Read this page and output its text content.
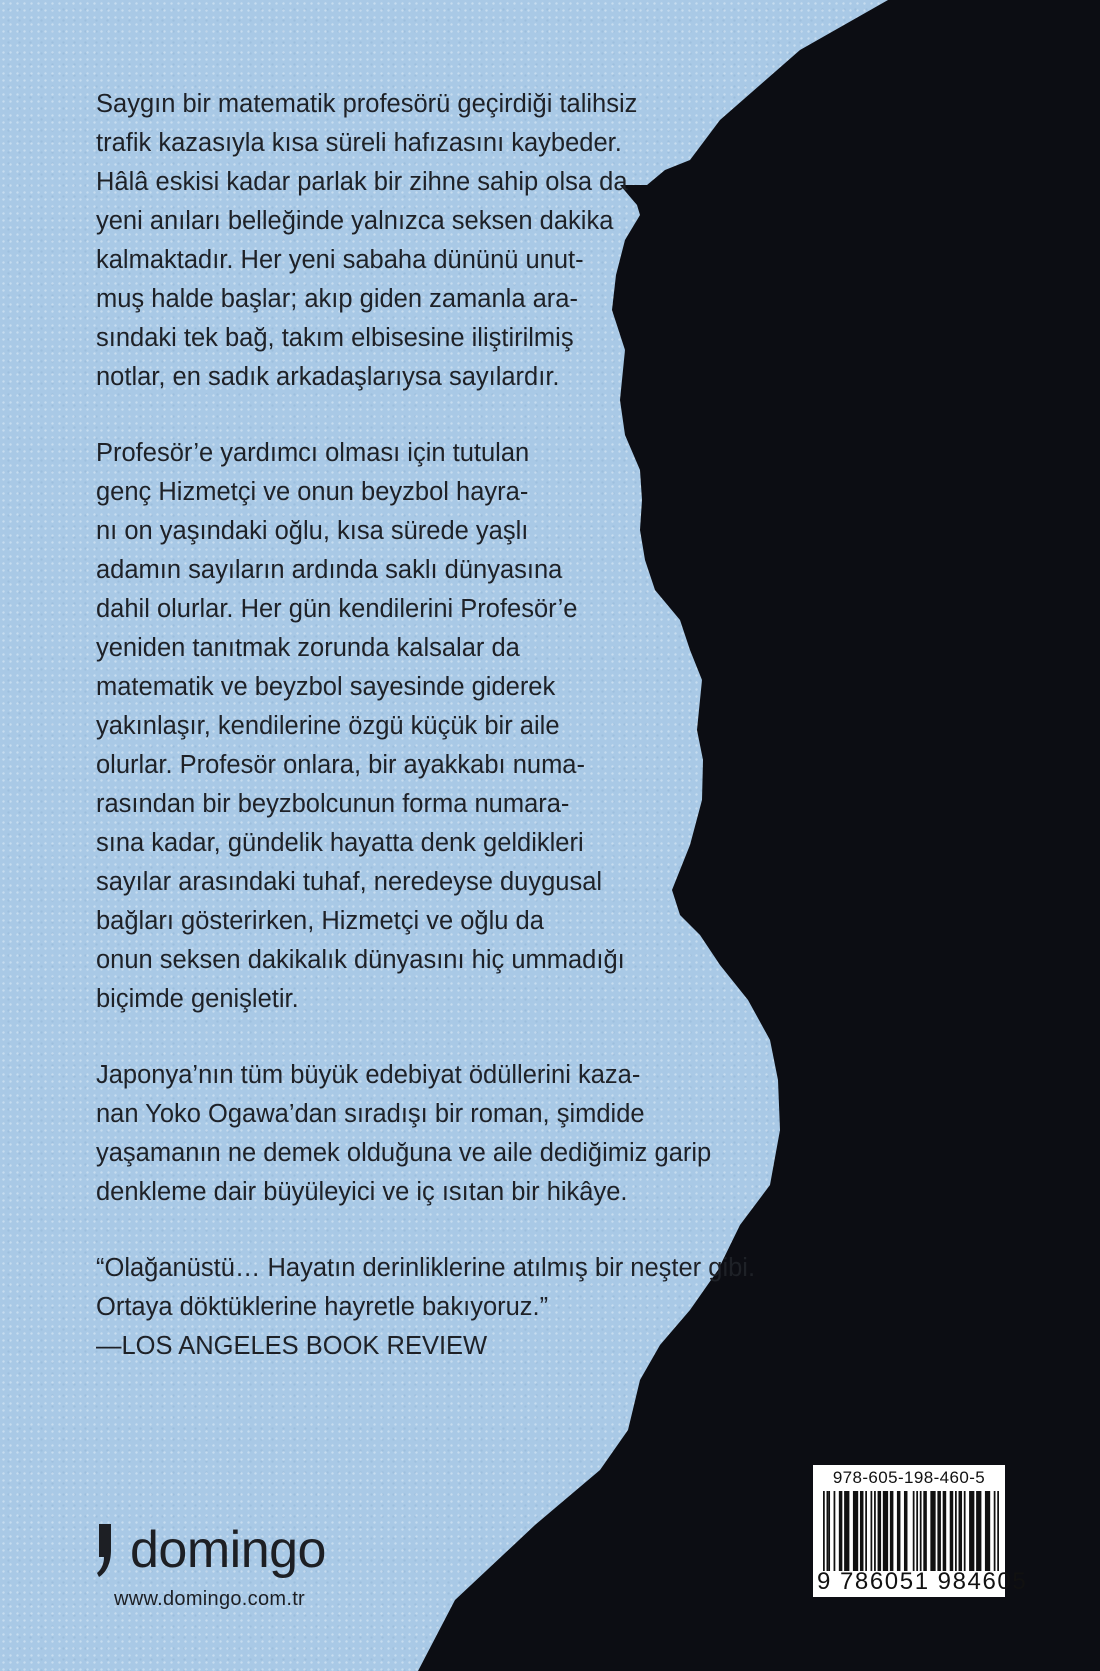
Saygın bir matematik profesörü geçirdiği talihsiz
trafik kazasıyla kısa süreli hafızasını kaybeder.
Hâlâ eskisi kadar parlak bir zihne sahip olsa da
yeni anıları belleğinde yalnızca seksen dakika
kalmaktadır. Her yeni sabaha dününü unut-
muş halde başlar; akıp giden zamanla ara-
sındaki tek bağ, takım elbisesine iliştirilmiş
notlar, en sadık arkadaşlarıysa sayılardır.

Profesör’e yardımcı olması için tutulan
genç Hizmetçi ve onun beyzbol hayra-
nı on yaşındaki oğlu, kısa sürede yaşlı
adamın sayıların ardında saklı dünyasına
dahil olurlar. Her gün kendilerini Profesör’e
yeniden tanıtmak zorunda kalsalar da
matematik ve beyzbol sayesinde giderek
yakınlaşır, kendilerine özgü küçük bir aile
olurlar. Profesör onlara, bir ayakkabı numa-
rasından bir beyzbolcunun forma numara-
sına kadar, gündelik hayatta denk geldikleri
sayılar arasındaki tuhaf, neredeyse duygusal
bağları gösterirken, Hizmetçi ve oğlu da
onun seksen dakikalık dünyasını hiç ummadığı
biçimde genişletir.

Japonya’nın tüm büyük edebiyat ödüllerini kaza-
nan Yoko Ogawa’dan sıradışı bir roman, şimdide
yaşamanın ne demek olduğuna ve aile dediğimiz garip
denkleme dair büyüleyici ve iç ısıtan bir hikâye.

“Olağanüstü… Hayatın derinliklerine atılmış bir neşter gibi.
Ortaya döktüklerine hayretle bakıyoruz.”
—LOS ANGELES BOOK REVIEW
domingo
www.domingo.com.tr
978-605-198-460-5
9 786051 984605
